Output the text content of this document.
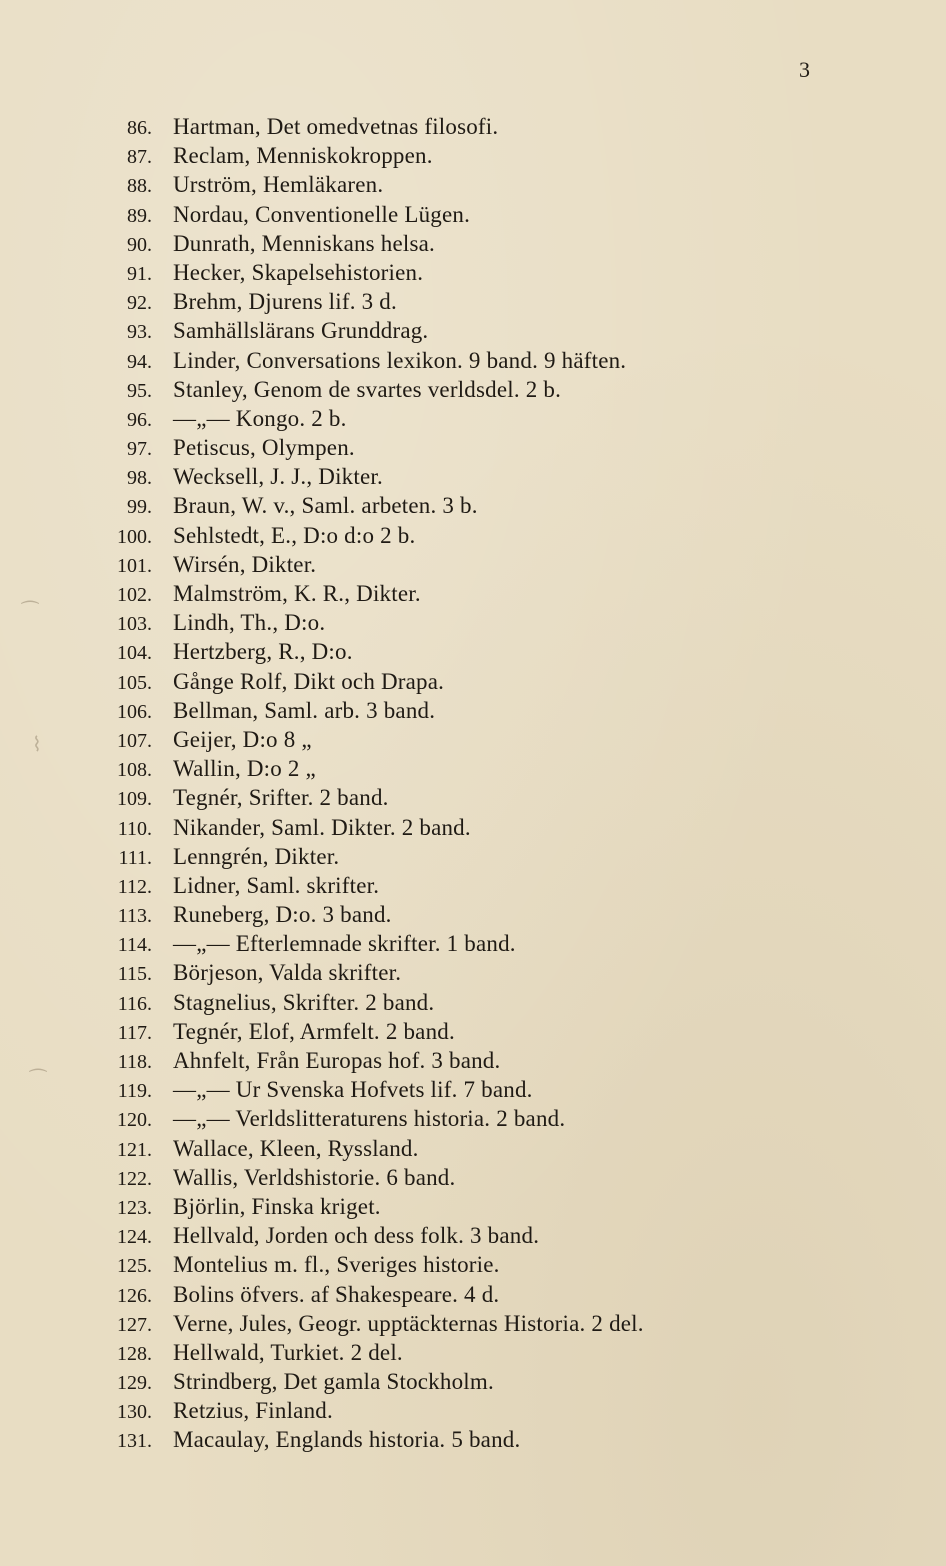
3
⁀
⌇
⁀
86. Hartman, Det omedvetnas filosofi.
87. Reclam, Menniskokroppen.
88. Urström, Hemläkaren.
89. Nordau, Conventionelle Lügen.
90. Dunrath, Menniskans helsa.
91. Hecker, Skapelsehistorien.
92. Brehm, Djurens lif. 3 d.
93. Samhällslärans Grunddrag.
94. Linder, Conversations lexikon. 9 band. 9 häften.
95. Stanley, Genom de svartes verldsdel. 2 b.
96. —„— Kongo. 2 b.
97. Petiscus, Olympen.
98. Wecksell, J. J., Dikter.
99. Braun, W. v., Saml. arbeten. 3 b.
100. Sehlstedt, E., D:o d:o 2 b.
101. Wirsén, Dikter.
102. Malmström, K. R., Dikter.
103. Lindh, Th., D:o.
104. Hertzberg, R., D:o.
105. Gånge Rolf, Dikt och Drapa.
106. Bellman, Saml. arb. 3 band.
107. Geijer, D:o 8 „
108. Wallin, D:o 2 „
109. Tegnér, Srifter. 2 band.
110. Nikander, Saml. Dikter. 2 band.
111. Lenngrén, Dikter.
112. Lidner, Saml. skrifter.
113. Runeberg, D:o. 3 band.
114. —„— Efterlemnade skrifter. 1 band.
115. Börjeson, Valda skrifter.
116. Stagnelius, Skrifter. 2 band.
117. Tegnér, Elof, Armfelt. 2 band.
118. Ahnfelt, Från Europas hof. 3 band.
119. —„— Ur Svenska Hofvets lif. 7 band.
120. —„— Verldslitteraturens historia. 2 band.
121. Wallace, Kleen, Ryssland.
122. Wallis, Verldshistorie. 6 band.
123. Björlin, Finska kriget.
124. Hellvald, Jorden och dess folk. 3 band.
125. Montelius m. fl., Sveriges historie.
126. Bolins öfvers. af Shakespeare. 4 d.
127. Verne, Jules, Geogr. upptäckternas Historia. 2 del.
128. Hellwald, Turkiet. 2 del.
129. Strindberg, Det gamla Stockholm.
130. Retzius, Finland.
131. Macaulay, Englands historia. 5 band.
